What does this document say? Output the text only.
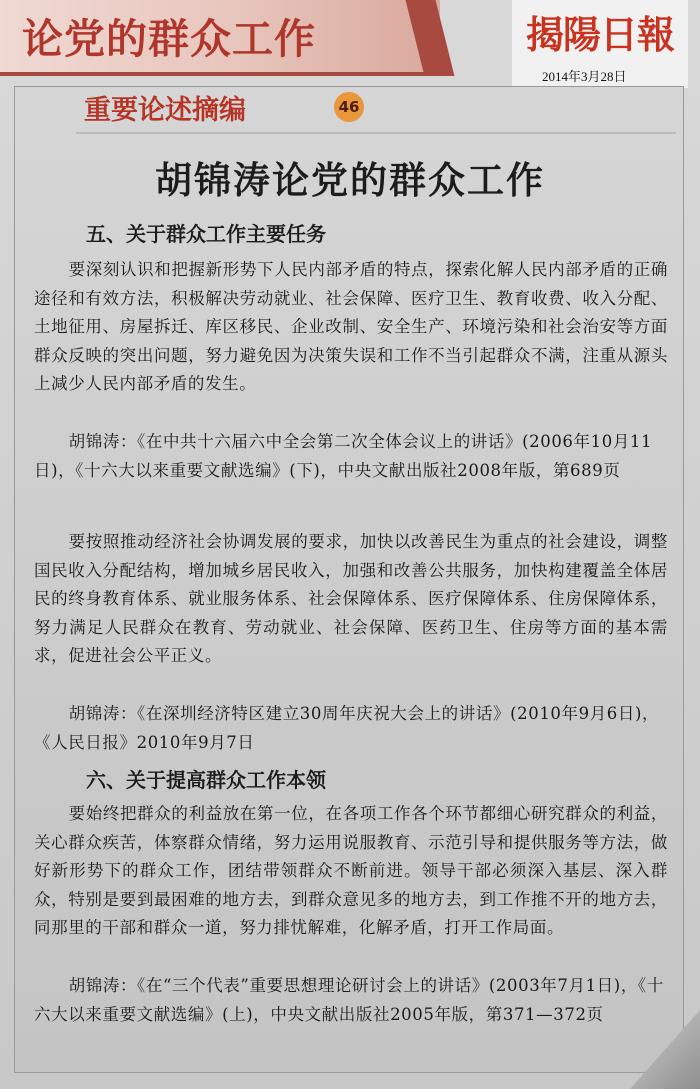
论党的群众工作	揭陽日報
2014年3月28日
重要论述摘编	46
胡锦涛论党的群众工作
五、关于群众工作主要任务

要深刻认识和把握新形势下人民内部矛盾的特点，探索化解人民内部矛盾的正确途径和有效方法，积极解决劳动就业、社会保障、医疗卫生、教育收费、收入分配、土地征用、房屋拆迁、库区移民、企业改制、安全生产、环境污染和社会治安等方面群众反映的突出问题，努力避免因为决策失误和工作不当引起群众不满，注重从源头上减少人民内部矛盾的发生。

胡锦涛：《在中共十六届六中全会第二次全体会议上的讲话》(2006年10月11日)，《十六大以来重要文献选编》(下)，中央文献出版社2008年版，第689页

要按照推动经济社会协调发展的要求，加快以改善民生为重点的社会建设，调整国民收入分配结构，增加城乡居民收入，加强和改善公共服务，加快构建覆盖全体居民的终身教育体系、就业服务体系、社会保障体系、医疗保障体系、住房保障体系，努力满足人民群众在教育、劳动就业、社会保障、医药卫生、住房等方面的基本需求，促进社会公平正义。

胡锦涛：《在深圳经济特区建立30周年庆祝大会上的讲话》(2010年9月6日)，《人民日报》2010年9月7日

六、关于提高群众工作本领

要始终把群众的利益放在第一位，在各项工作各个环节都细心研究群众的利益，关心群众疾苦，体察群众情绪，努力运用说服教育、示范引导和提供服务等方法，做好新形势下的群众工作，团结带领群众不断前进。领导干部必须深入基层、深入群众，特别是要到最困难的地方去，到群众意见多的地方去，到工作推不开的地方去，同那里的干部和群众一道，努力排忧解难，化解矛盾，打开工作局面。

胡锦涛：《在“三个代表”重要思想理论研讨会上的讲话》(2003年7月1日)，《十六大以来重要文献选编》(上)，中央文献出版社2005年版，第371—372页
